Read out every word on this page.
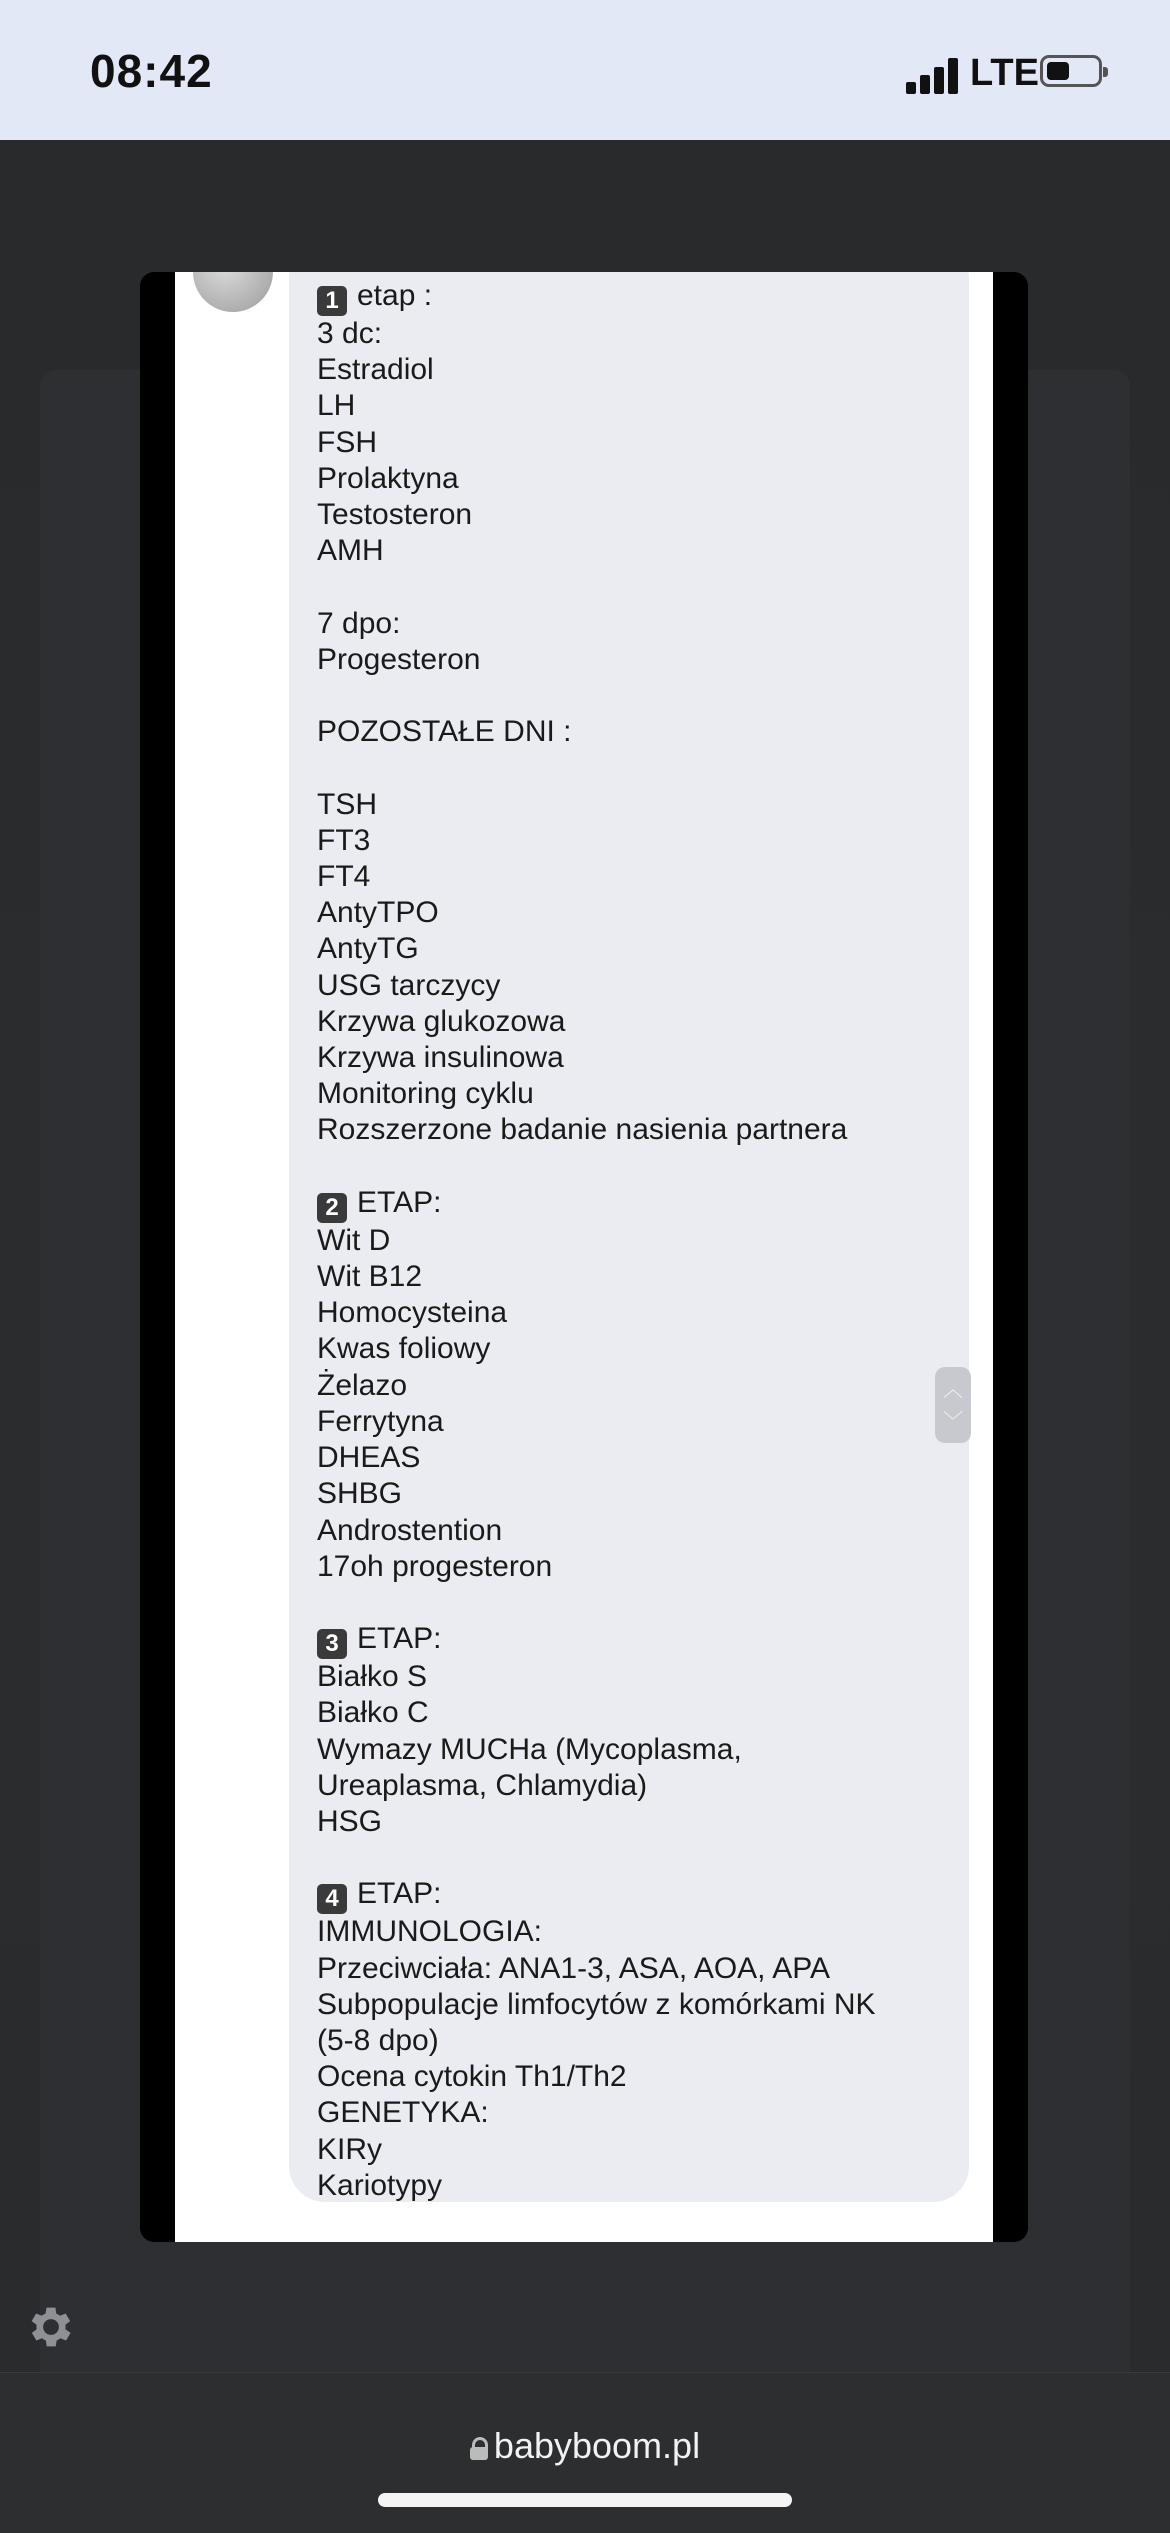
08:42	LTE

1 etap :

3 dc:

Estradiol

LH

FSH

Prolaktyna

Testosteron

AMH

7 dpo:

Progesteron

POZOSTAŁE DNI :

TSH

FT3

FT4

AntyTPO

AntyTG

USG tarczycy

Krzywa glukozowa

Krzywa insulinowa

Monitoring cyklu

Rozszerzone badanie nasienia partnera

2 ETAP:

Wit D

Wit B12

Homocysteina

Kwas foliowy

Żelazo

Ferrytyna

DHEAS

SHBG

Androstention

17oh progesteron

3 ETAP:

Białko S

Białko C

Wymazy MUCHa (Mycoplasma,

Ureaplasma, Chlamydia)

HSG

4 ETAP:

IMMUNOLOGIA:

Przeciwciała: ANA1-3, ASA, AOA, APA

Subpopulacje limfocytów z komórkami NK

(5-8 dpo)

Ocena cytokin Th1/Th2

GENETYKA:

KIRy

Kariotypy

︿
﹀
babyboom.pl
